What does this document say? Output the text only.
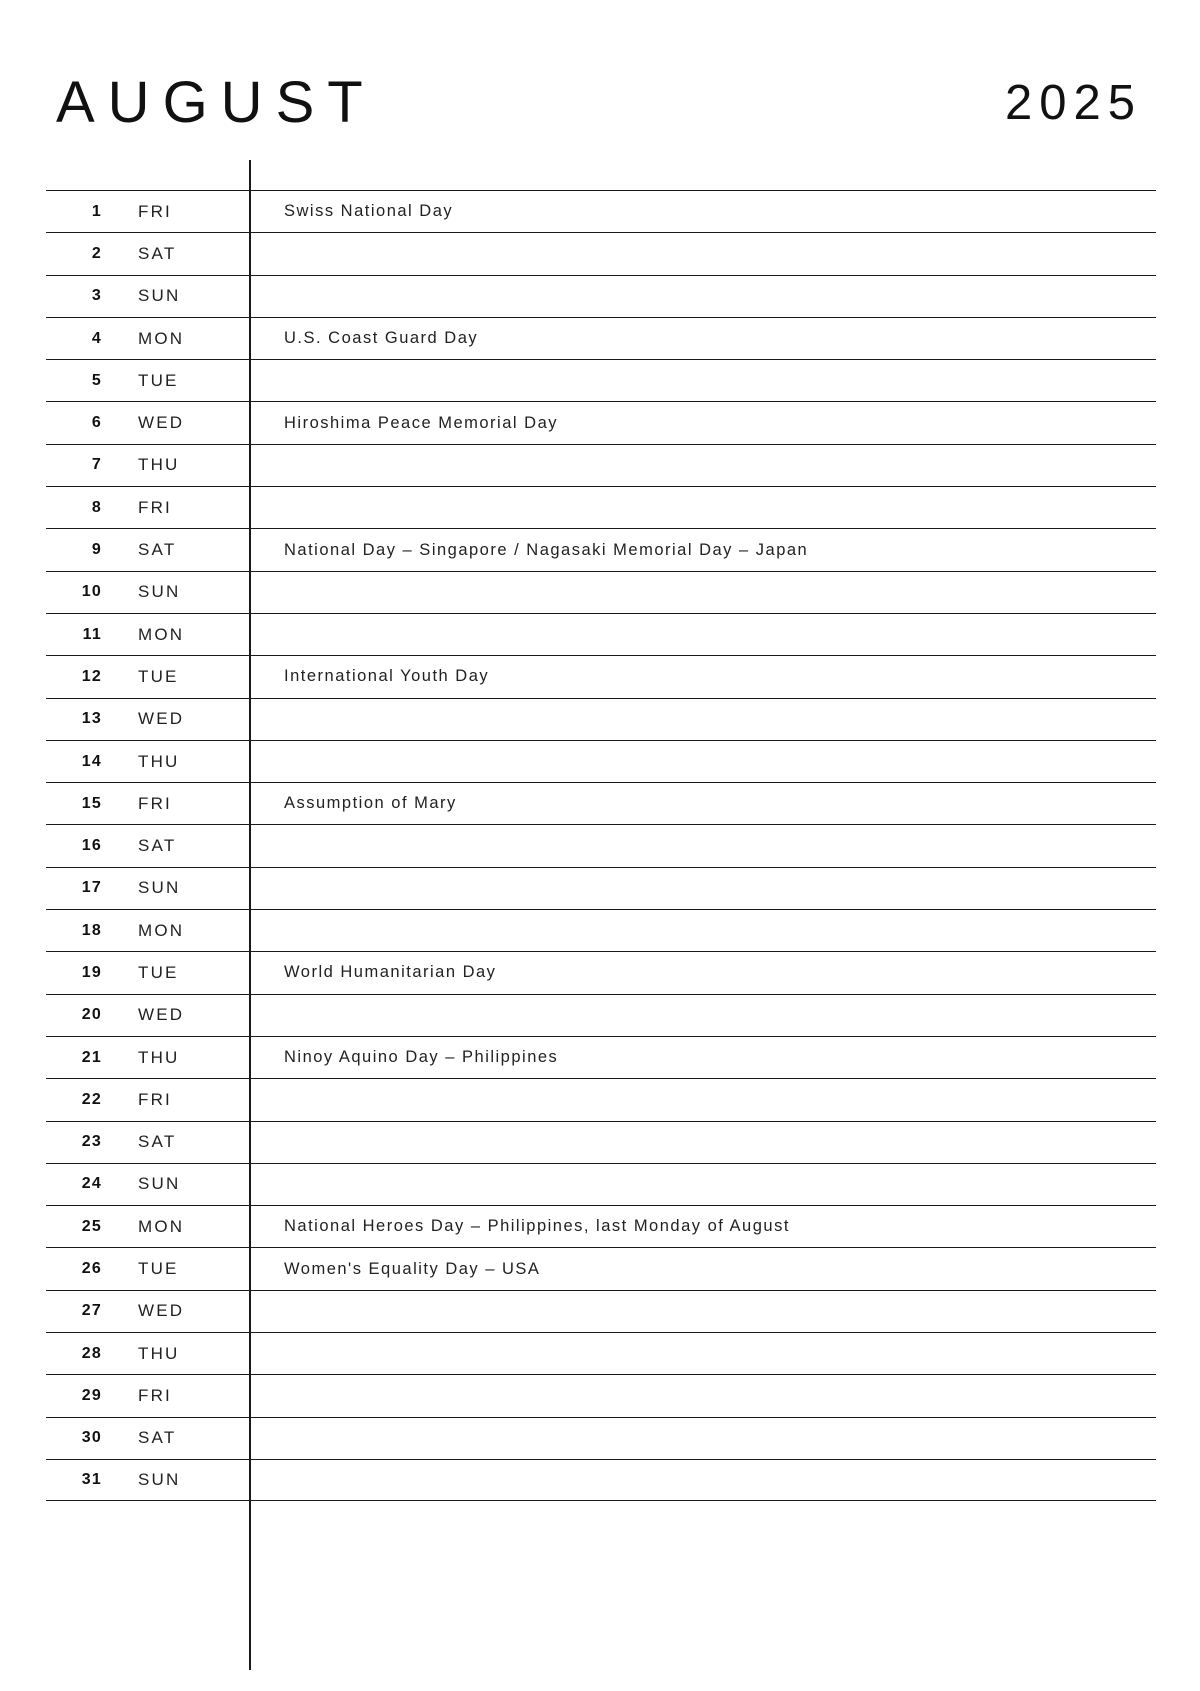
AUGUST	2025
1	FRI	Swiss National Day
2	SAT
3	SUN
4	MON	U.S. Coast Guard Day
5	TUE
6	WED	Hiroshima Peace Memorial Day
7	THU
8	FRI
9	SAT	National Day – Singapore / Nagasaki Memorial Day – Japan
10	SUN
11	MON
12	TUE	International Youth Day
13	WED
14	THU
15	FRI	Assumption of Mary
16	SAT
17	SUN
18	MON
19	TUE	World Humanitarian Day
20	WED
21	THU	Ninoy Aquino Day – Philippines
22	FRI
23	SAT
24	SUN
25	MON	National Heroes Day – Philippines, last Monday of August
26	TUE	Women's Equality Day – USA
27	WED
28	THU
29	FRI
30	SAT
31	SUN
